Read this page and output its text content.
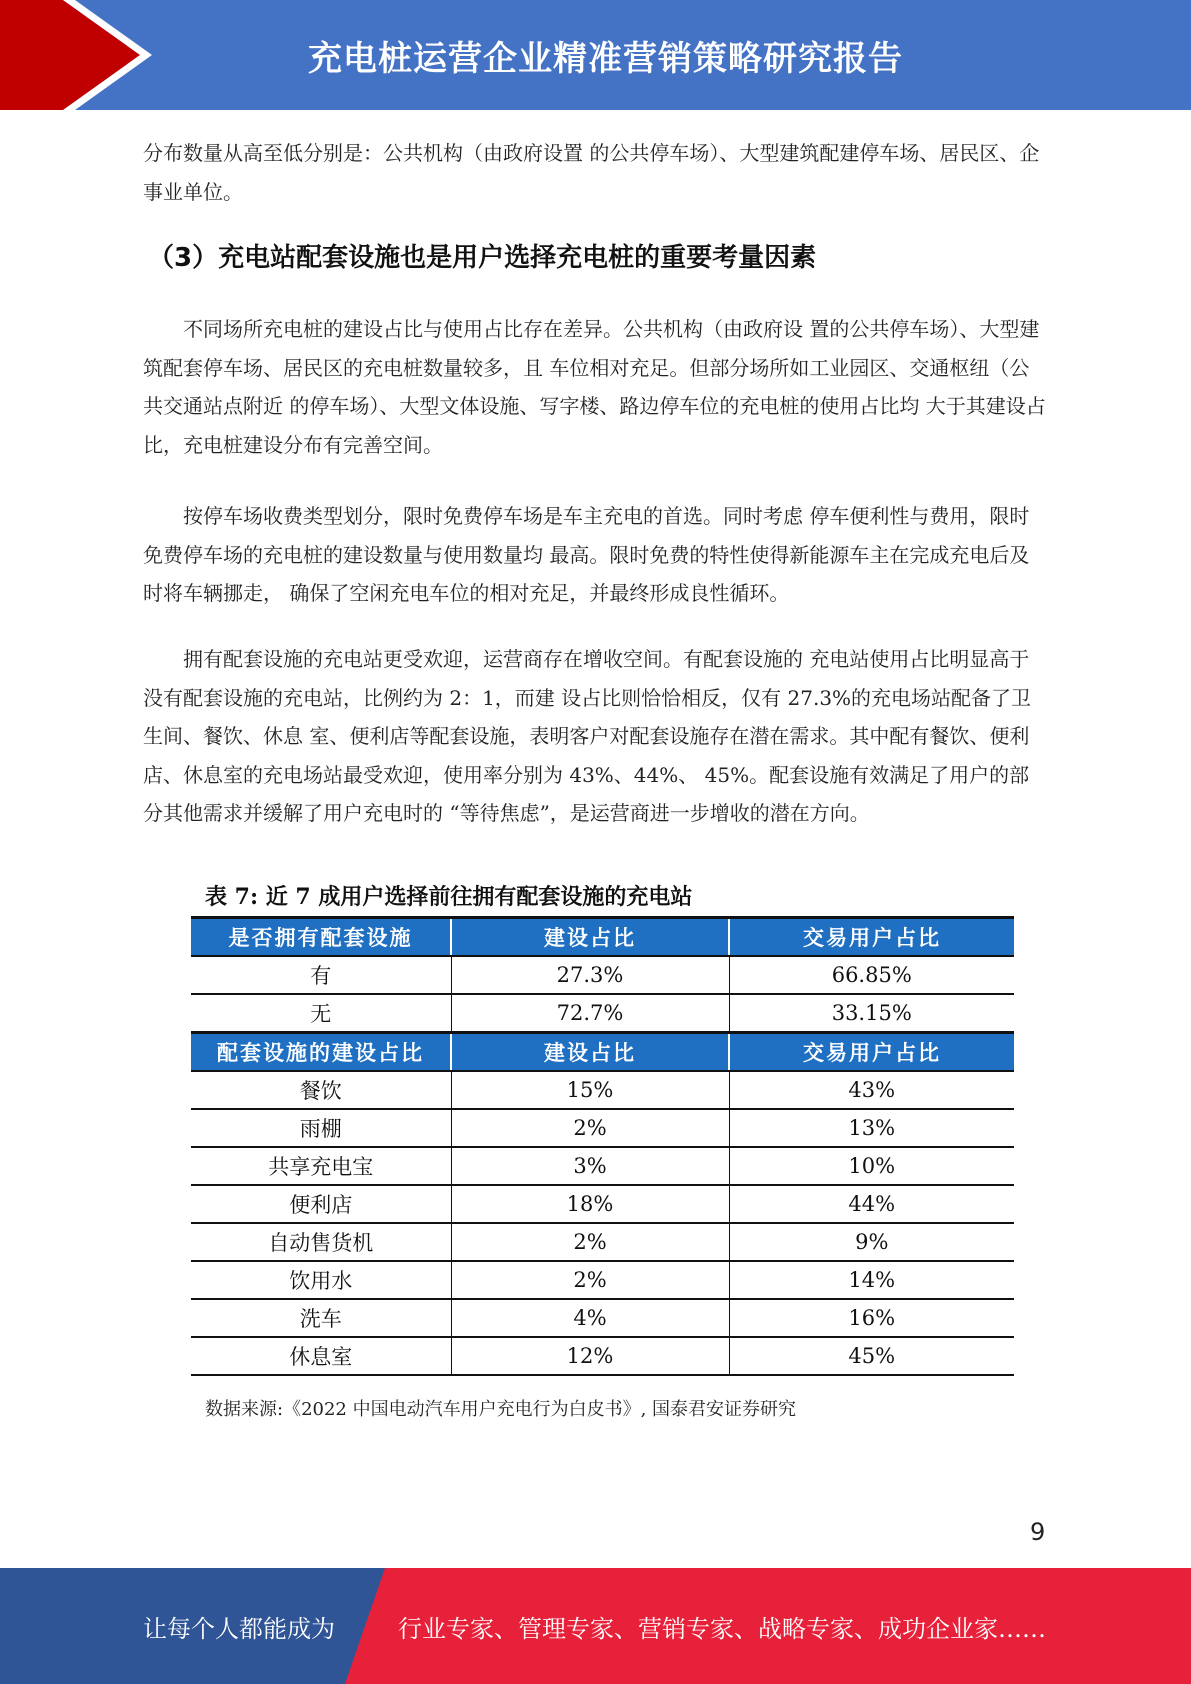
充电桩运营企业精准营销策略研究报告

分布数量从高至低分别是：公共机构（由政府设置 的公共停车场）、大型建筑配建停车场、居民区、企事业单位。

（3）充电站配套设施也是用户选择充电桩的重要考量因素

不同场所充电桩的建设占比与使用占比存在差异。公共机构（由政府设 置的公共停车场）、大型建筑配套停车场、居民区的充电桩数量较多，且 车位相对充足。但部分场所如工业园区、交通枢纽（公共交通站点附近 的停车场）、大型文体设施、写字楼、路边停车位的充电桩的使用占比均 大于其建设占比，充电桩建设分布有完善空间。

按停车场收费类型划分，限时免费停车场是车主充电的首选。同时考虑 停车便利性与费用，限时免费停车场的充电桩的建设数量与使用数量均 最高。限时免费的特性使得新能源车主在完成充电后及时将车辆挪走， 确保了空闲充电车位的相对充足，并最终形成良性循环。

拥有配套设施的充电站更受欢迎，运营商存在增收空间。有配套设施的 充电站使用占比明显高于没有配套设施的充电站，比例约为 2：1，而建 设占比则恰恰相反，仅有 27.3%的充电场站配备了卫生间、餐饮、休息 室、便利店等配套设施，表明客户对配套设施存在潜在需求。其中配有餐饮、便利店、休息室的充电场站最受欢迎，使用率分别为 43%、44%、 45%。配套设施有效满足了用户的部分其他需求并缓解了用户充电时的 “等待焦虑”，是运营商进一步增收的潜在方向。

表 7: 近 7 成用户选择前往拥有配套设施的充电站
是否拥有配套设施	建设占比	交易用户占比
有	27.3%	66.85%
无	72.7%	33.15%
配套设施的建设占比	建设占比	交易用户占比
餐饮	15%	43%
雨棚	2%	13%
共享充电宝	3%	10%
便利店	18%	44%
自动售货机	2%	9%
饮用水	2%	14%
洗车	4%	16%
休息室	12%	45%
数据来源:《2022 中国电动汽车用户充电行为白皮书》, 国泰君安证券研究
9
让每个人都能成为	行业专家、管理专家、营销专家、战略专家、成功企业家……
